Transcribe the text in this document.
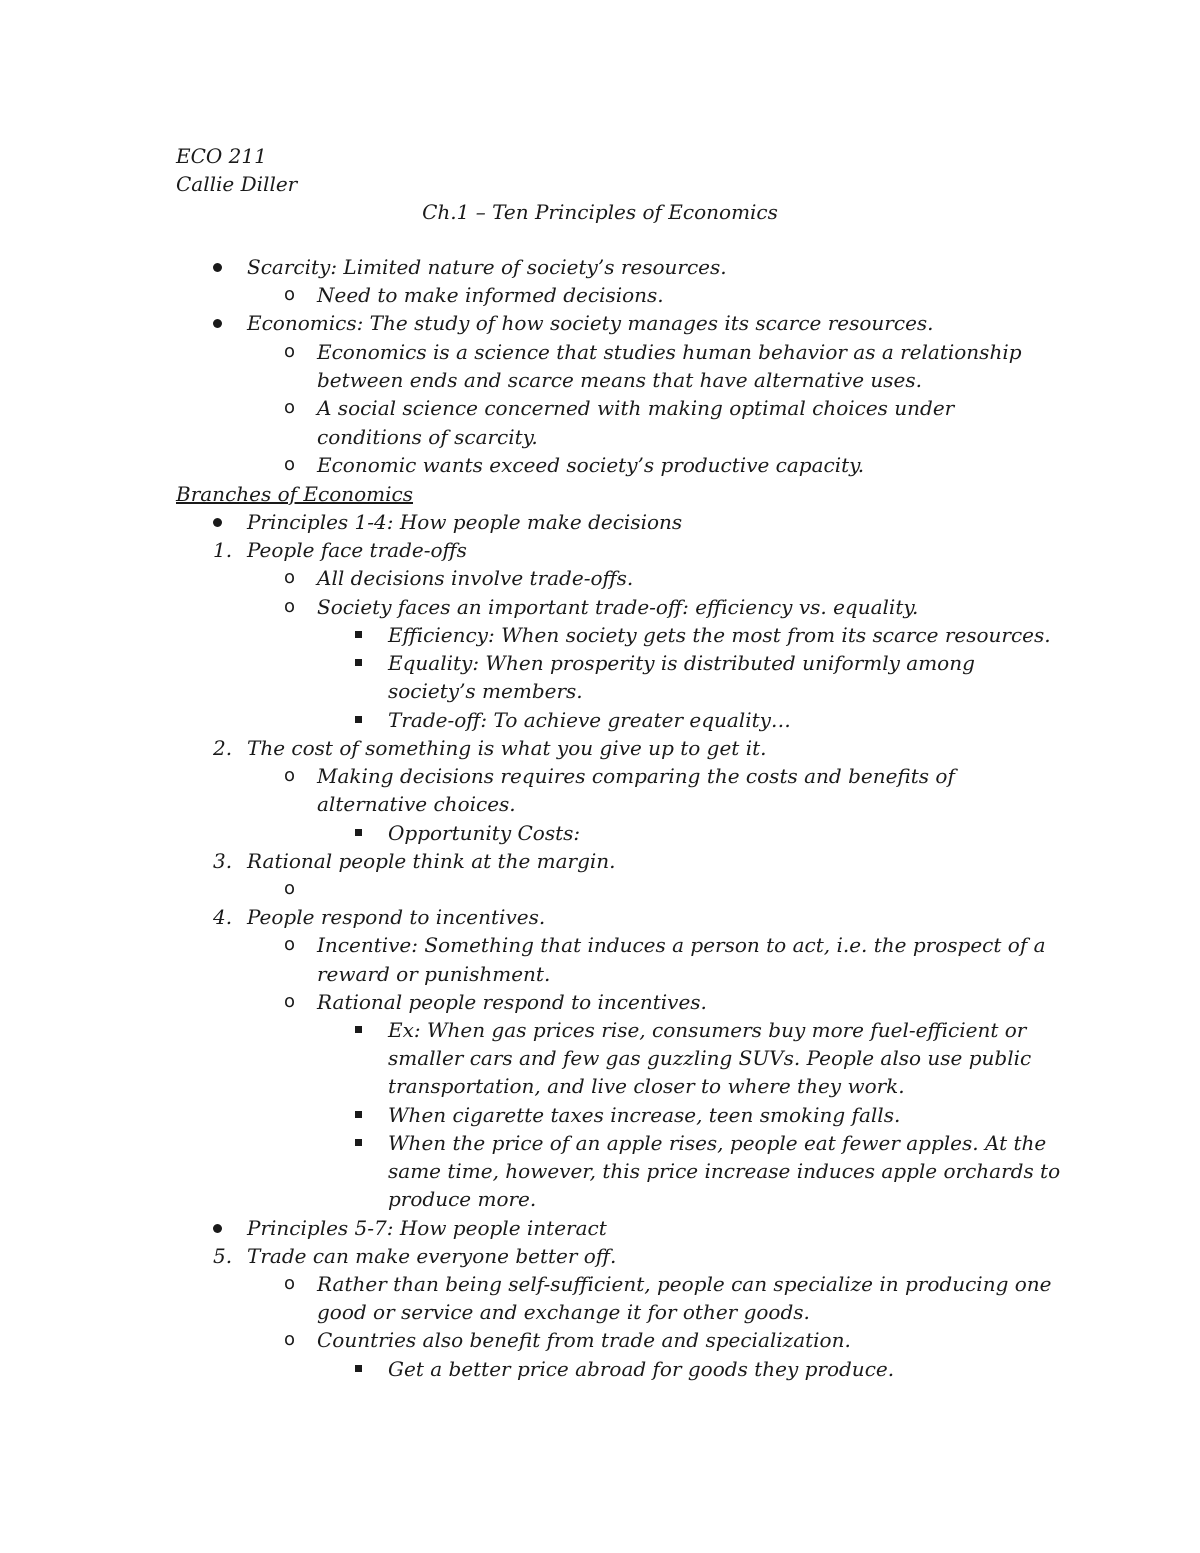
ECO 211
Callie Diller
Ch.1 – Ten Principles of Economics
Scarcity: Limited nature of society’s resources.
o Need to make informed decisions.
Economics: The study of how society manages its scarce resources.
o Economics is a science that studies human behavior as a relationship
between ends and scarce means that have alternative uses.
o A social science concerned with making optimal choices under
conditions of scarcity.
o Economic wants exceed society’s productive capacity.
Branches of Economics
Principles 1-4: How people make decisions
1. People face trade-offs
o All decisions involve trade-offs.
o Society faces an important trade-off: efficiency vs. equality.
Efficiency: When society gets the most from its scarce resources.
Equality: When prosperity is distributed uniformly among
society’s members.
Trade-off: To achieve greater equality…
2. The cost of something is what you give up to get it.
o Making decisions requires comparing the costs and benefits of
alternative choices.
Opportunity Costs:
3. Rational people think at the margin.
o
4. People respond to incentives.
o Incentive: Something that induces a person to act, i.e. the prospect of a
reward or punishment.
o Rational people respond to incentives.
Ex: When gas prices rise, consumers buy more fuel-efficient or
smaller cars and few gas guzzling SUVs. People also use public
transportation, and live closer to where they work.
When cigarette taxes increase, teen smoking falls.
When the price of an apple rises, people eat fewer apples. At the
same time, however, this price increase induces apple orchards to
produce more.
Principles 5-7: How people interact
5. Trade can make everyone better off.
o Rather than being self-sufficient, people can specialize in producing one
good or service and exchange it for other goods.
o Countries also benefit from trade and specialization.
Get a better price abroad for goods they produce.
